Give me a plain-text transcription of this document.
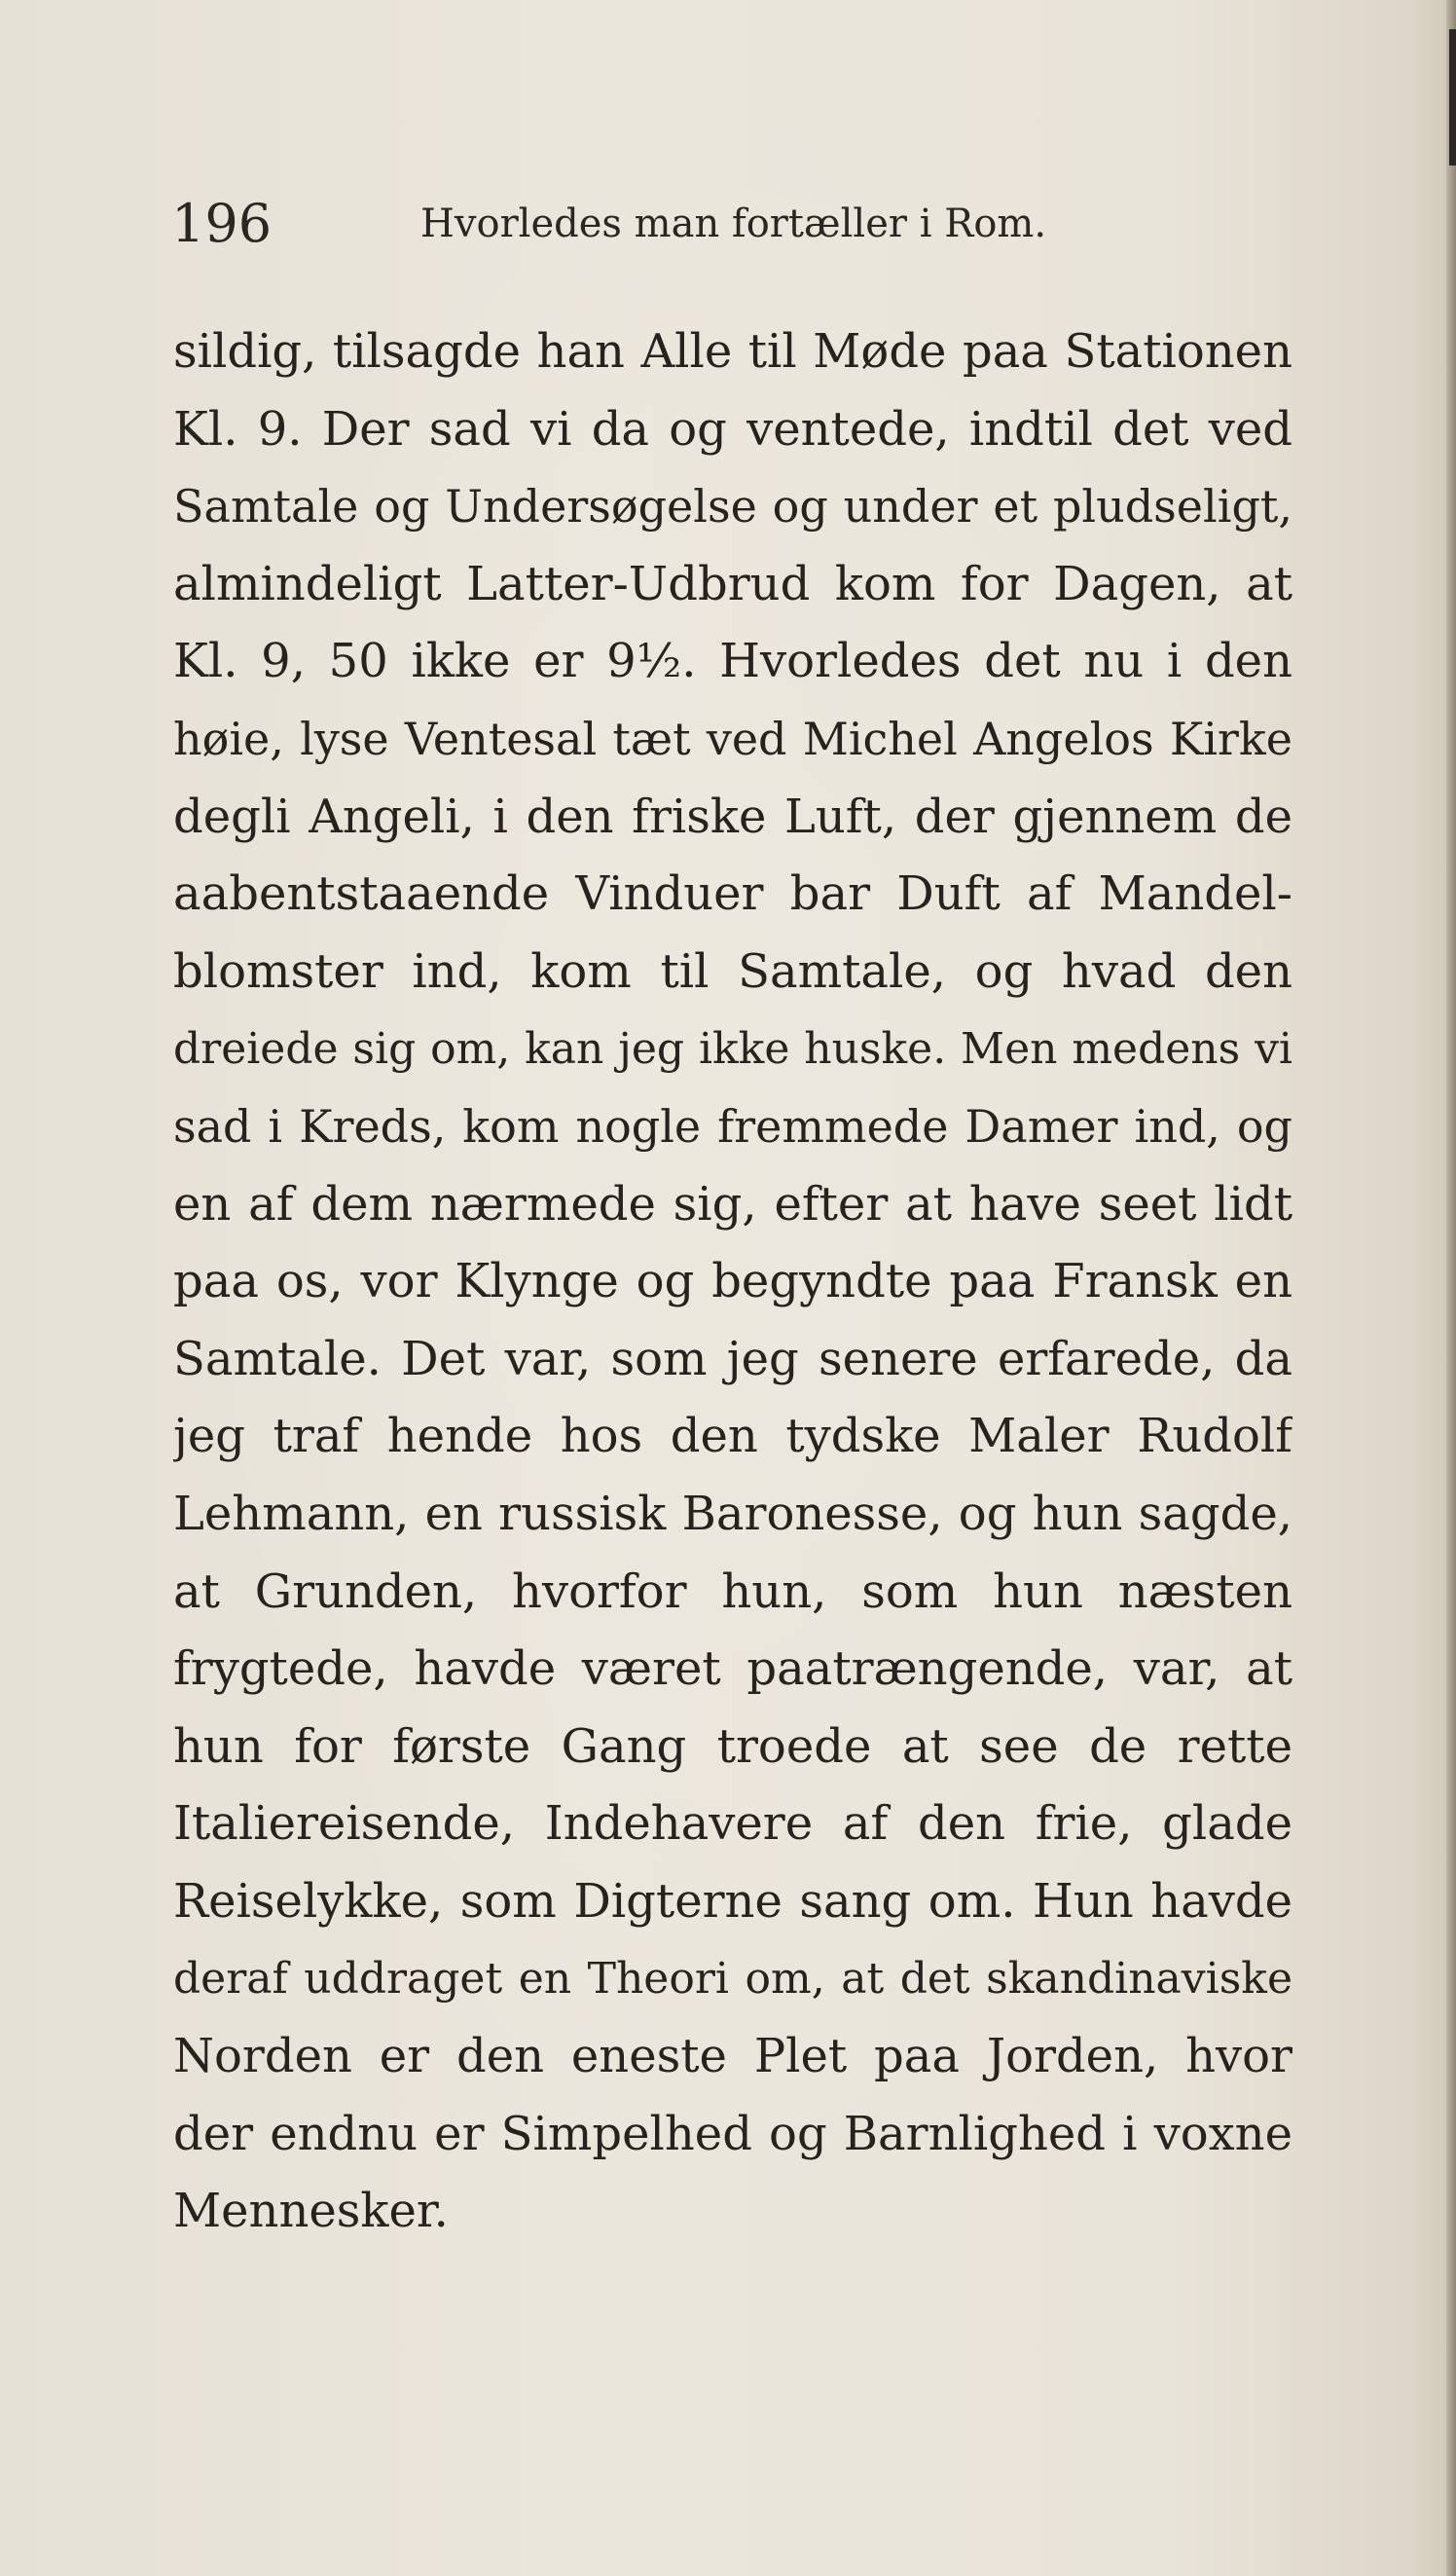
196	Hvorledes man fortæller i Rom.
sildig, tilsagde han Alle til Møde paa Stationen
Kl. 9. Der sad vi da og ventede, indtil det ved
Samtale og Undersøgelse og under et pludseligt,
almindeligt Latter-Udbrud kom for Dagen, at
Kl. 9, 50 ikke er 9½. Hvorledes det nu i den
høie, lyse Ventesal tæt ved Michel Angelos Kirke
degli Angeli, i den friske Luft, der gjennem de
aabentstaaende Vinduer bar Duft af Mandel-
blomster ind, kom til Samtale, og hvad den
dreiede sig om, kan jeg ikke huske. Men medens vi
sad i Kreds, kom nogle fremmede Damer ind, og
en af dem nærmede sig, efter at have seet lidt
paa os, vor Klynge og begyndte paa Fransk en
Samtale. Det var, som jeg senere erfarede, da
jeg traf hende hos den tydske Maler Rudolf
Lehmann, en russisk Baronesse, og hun sagde,
at Grunden, hvorfor hun, som hun næsten
frygtede, havde været paatrængende, var, at
hun for første Gang troede at see de rette
Italiereisende, Indehavere af den frie, glade
Reiselykke, som Digterne sang om. Hun havde
deraf uddraget en Theori om, at det skandinaviske
Norden er den eneste Plet paa Jorden, hvor
der endnu er Simpelhed og Barnlighed i voxne
Mennesker.
